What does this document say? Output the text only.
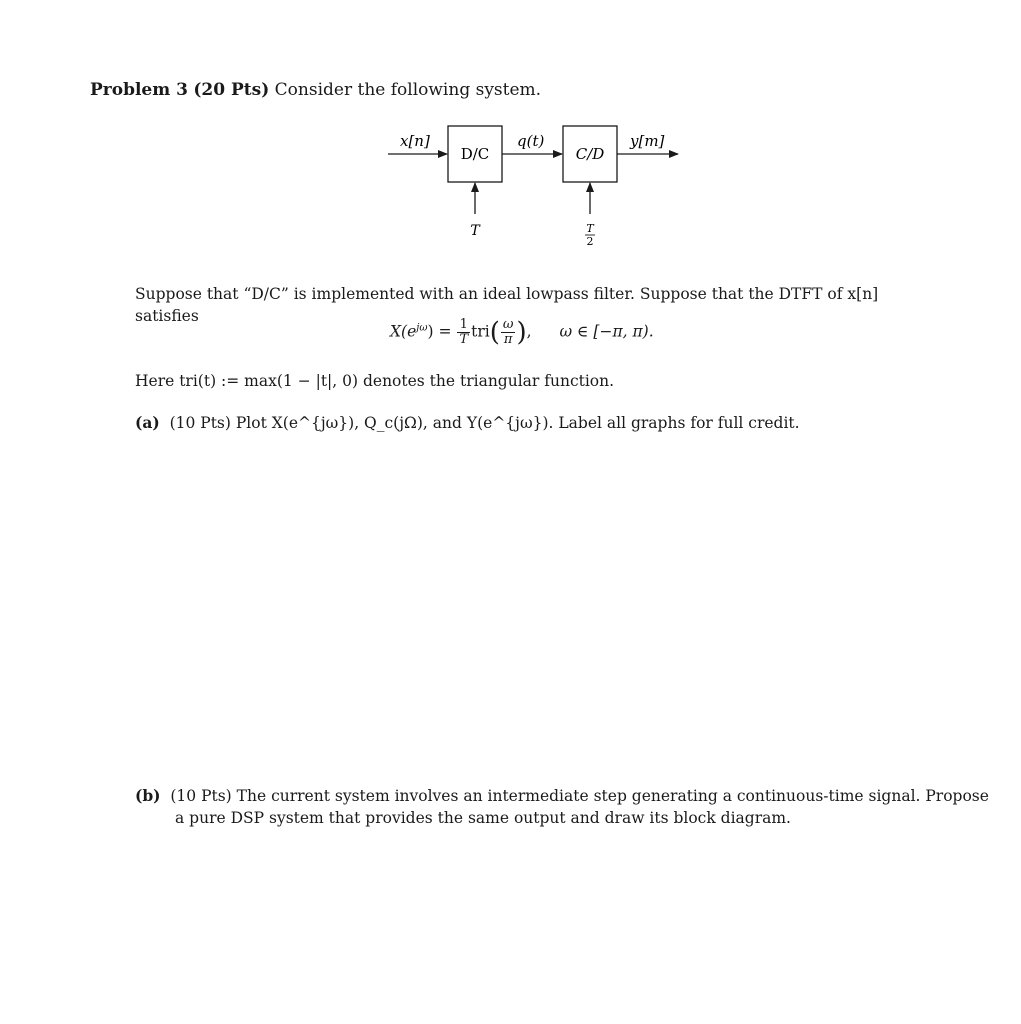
Problem 3 (20 Pts) Consider the following system.
x[n]
D/C
q(t)
C/D
y[m]
T	T
2
Suppose that “D/C” is implemented with an ideal lowpass filter. Suppose that the DTFT of x[n]
satisfies
$X(e^{j\omega}) = \frac{1}{T} tri( \frac{\omega}{\pi}$ ),  ω ∈ [−π, π).
Here tri(t) := max(1 − |t|, 0) denotes the triangular function.
(a) (10 Pts) Plot X(e^{jω}), Q_c(jΩ), and Y(e^{jω}). Label all graphs for full credit.
(b) (10 Pts) The current system involves an intermediate step generating a continuous-time signal. Propose a pure DSP system that provides the same output and draw its block diagram.
